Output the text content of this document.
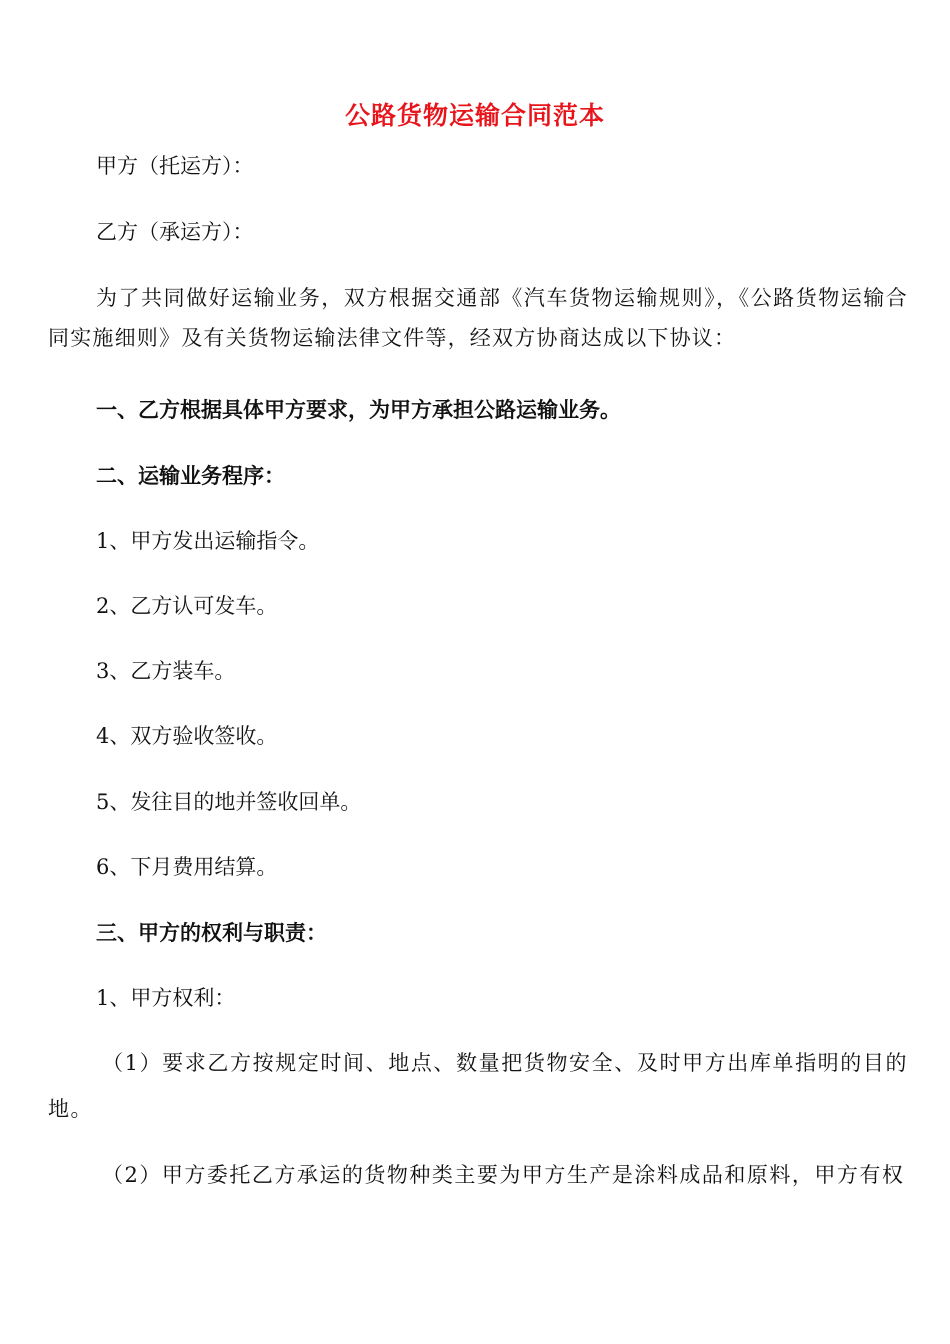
公路货物运输合同范本
甲方（托运方）：
乙方（承运方）：
为了共同做好运输业务，双方根据交通部《汽车货物运输规则》，《公路货物运输合同实施细则》及有关货物运输法律文件等，经双方协商达成以下协议：
一、乙方根据具体甲方要求，为甲方承担公路运输业务。
二、运输业务程序：
1、甲方发出运输指令。
2、乙方认可发车。
3、乙方装车。
4、双方验收签收。
5、发往目的地并签收回单。
6、下月费用结算。
三、甲方的权利与职责：
1、甲方权利：
（1）要求乙方按规定时间、地点、数量把货物安全、及时甲方出库单指明的目的地。
（2）甲方委托乙方承运的货物种类主要为甲方生产是涂料成品和原料，甲方有权
